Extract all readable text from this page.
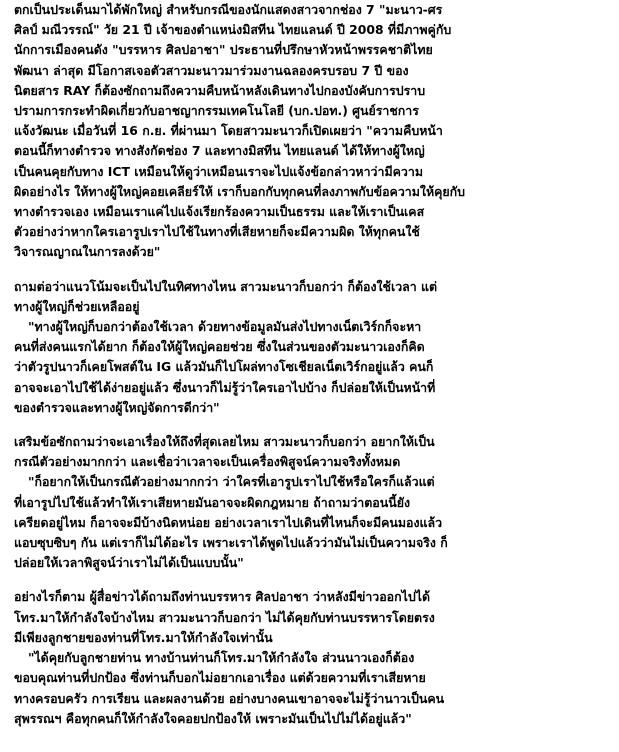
ตกเป็นประเด็นมาได้พักใหญ่ สำหรับกรณีของนักแสดงสาวจากช่อง 7 "มะนาว-ศร
ศิลป์ มณีวรรณ์" วัย 21 ปี เจ้าของตำแหน่งมิสทีน ไทยแลนด์ ปี 2008 ที่มีภาพคู่กับ
นักการเมืองคนดัง "บรรหาร ศิลปอาชา" ประธานที่ปรึกษาหัวหน้าพรรคชาติไทย
พัฒนา ล่าสุด มีโอกาสเจอตัวสาวมะนาวมาร่วมงานฉลองครบรอบ 7 ปี ของ
นิตยสาร RAY ก็ต้องซักถามถึงความคืบหน้าหลังเดินทางไปกองบังคับการปราบ
ปรามการกระทำผิดเกี่ยวกับอาชญากรรมเทคโนโลยี (บก.ปอท.) ศูนย์ราชการ
แจ้งวัฒนะ เมื่อวันที่ 16 ก.ย. ที่ผ่านมา โดยสาวมะนาวก็เปิดเผยว่า "ความคืบหน้า
ตอนนี้ก็ทางตำรวจ ทางสังกัดช่อง 7 และทางมิสทีน ไทยแลนด์ ได้ให้ทางผู้ใหญ่
เป็นคนคุยกับทาง ICT เหมือนให้ดูว่าเหมือนเราจะไปแจ้งข้อกล่าวหาว่ามีความ
ผิดอย่างไร ให้ทางผู้ใหญ่คอยเคลียร์ให้ เราก็บอกกับทุกคนที่ลงภาพกับข้อความให้คุยกับ
ทางตำรวจเอง เหมือนเราแค่ไปแจ้งเรียกร้องความเป็นธรรม และให้เราเป็นเคส
ตัวอย่างว่าหากใครเอารูปเราไปใช้ในทางที่เสียหายก็จะมีความผิด ให้ทุกคนใช้
วิจารณญาณในการลงด้วย"
ถามต่อว่าแนวโน้มจะเป็นไปในทิศทางไหน สาวมะนาวก็บอกว่า ก็ต้องใช้เวลา แต่
ทางผู้ใหญ่ก็ช่วยเหลืออยู่
"ทางผู้ใหญ่ก็บอกว่าต้องใช้เวลา ด้วยทางข้อมูลมันส่งไปทางเน็ตเวิร์กก็จะหา
คนที่ส่งคนแรกได้ยาก ก็ต้องให้ผู้ใหญ่คอยช่วย ซึ่งในส่วนของตัวมะนาวเองก็คิด
ว่าตัวรูปนาวก็เคยโพสต์ใน IG แล้วมันก็ไปโผล่ทางโซเชียลเน็ตเวิร์กอยู่แล้ว คนก็
อาจจะเอาไปใช้ได้ง่ายอยู่แล้ว ซึ่งนาวก็ไม่รู้ว่าใครเอาไปบ้าง ก็ปล่อยให้เป็นหน้าที่
ของตำรวจและทางผู้ใหญ่จัดการดีกว่า"
เสริมข้อซักถามว่าจะเอาเรื่องให้ถึงที่สุดเลยไหม สาวมะนาวก็บอกว่า อยากให้เป็น
กรณีตัวอย่างมากกว่า และเชื่อว่าเวลาจะเป็นเครื่องพิสูจน์ความจริงทั้งหมด
"ก็อยากให้เป็นกรณีตัวอย่างมากกว่า ว่าใครที่เอารูปเราไปใช้หรือใครก็แล้วแต่
ที่เอารูปไปใช้แล้วทำให้เราเสียหายมันอาจจะผิดกฎหมาย ถ้าถามว่าตอนนี้ยัง
เครียดอยู่ไหม ก็อาจจะมีบ้างนิดหน่อย อย่างเวลาเราไปเดินที่ไหนก็จะมีคนมองแล้ว
แอบซุบซิบๆ กัน แต่เราก็ไม่ได้อะไร เพราะเราได้พูดไปแล้วว่ามันไม่เป็นความจริง ก็
ปล่อยให้เวลาพิสูจน์ว่าเราไม่ได้เป็นแบบนั้น"
อย่างไรก็ตาม ผู้สื่อข่าวได้ถามถึงท่านบรรหาร ศิลปอาชา ว่าหลังมีข่าวออกไปได้
โทร.มาให้กำลังใจบ้างไหม สาวมะนาวก็บอกว่า ไม่ได้คุยกับท่านบรรหารโดยตรง
มีเพียงลูกชายของท่านที่โทร.มาให้กำลังใจเท่านั้น
"ได้คุยกับลูกชายท่าน ทางบ้านท่านก็โทร.มาให้กำลังใจ ส่วนนาวเองก็ต้อง
ขอบคุณท่านที่ปกป้อง ซึ่งท่านก็บอกไม่อยากเอาเรื่อง แต่ด้วยความที่เราเสียหาย
ทางครอบครัว การเรียน และผลงานด้วย อย่างบางคนเขาอาจจะไม่รู้ว่านาวเป็นคน
สุพรรณฯ คือทุกคนก็ให้กำลังใจคอยปกป้องให้ เพราะมันเป็นไปไม่ได้อยู่แล้ว"
